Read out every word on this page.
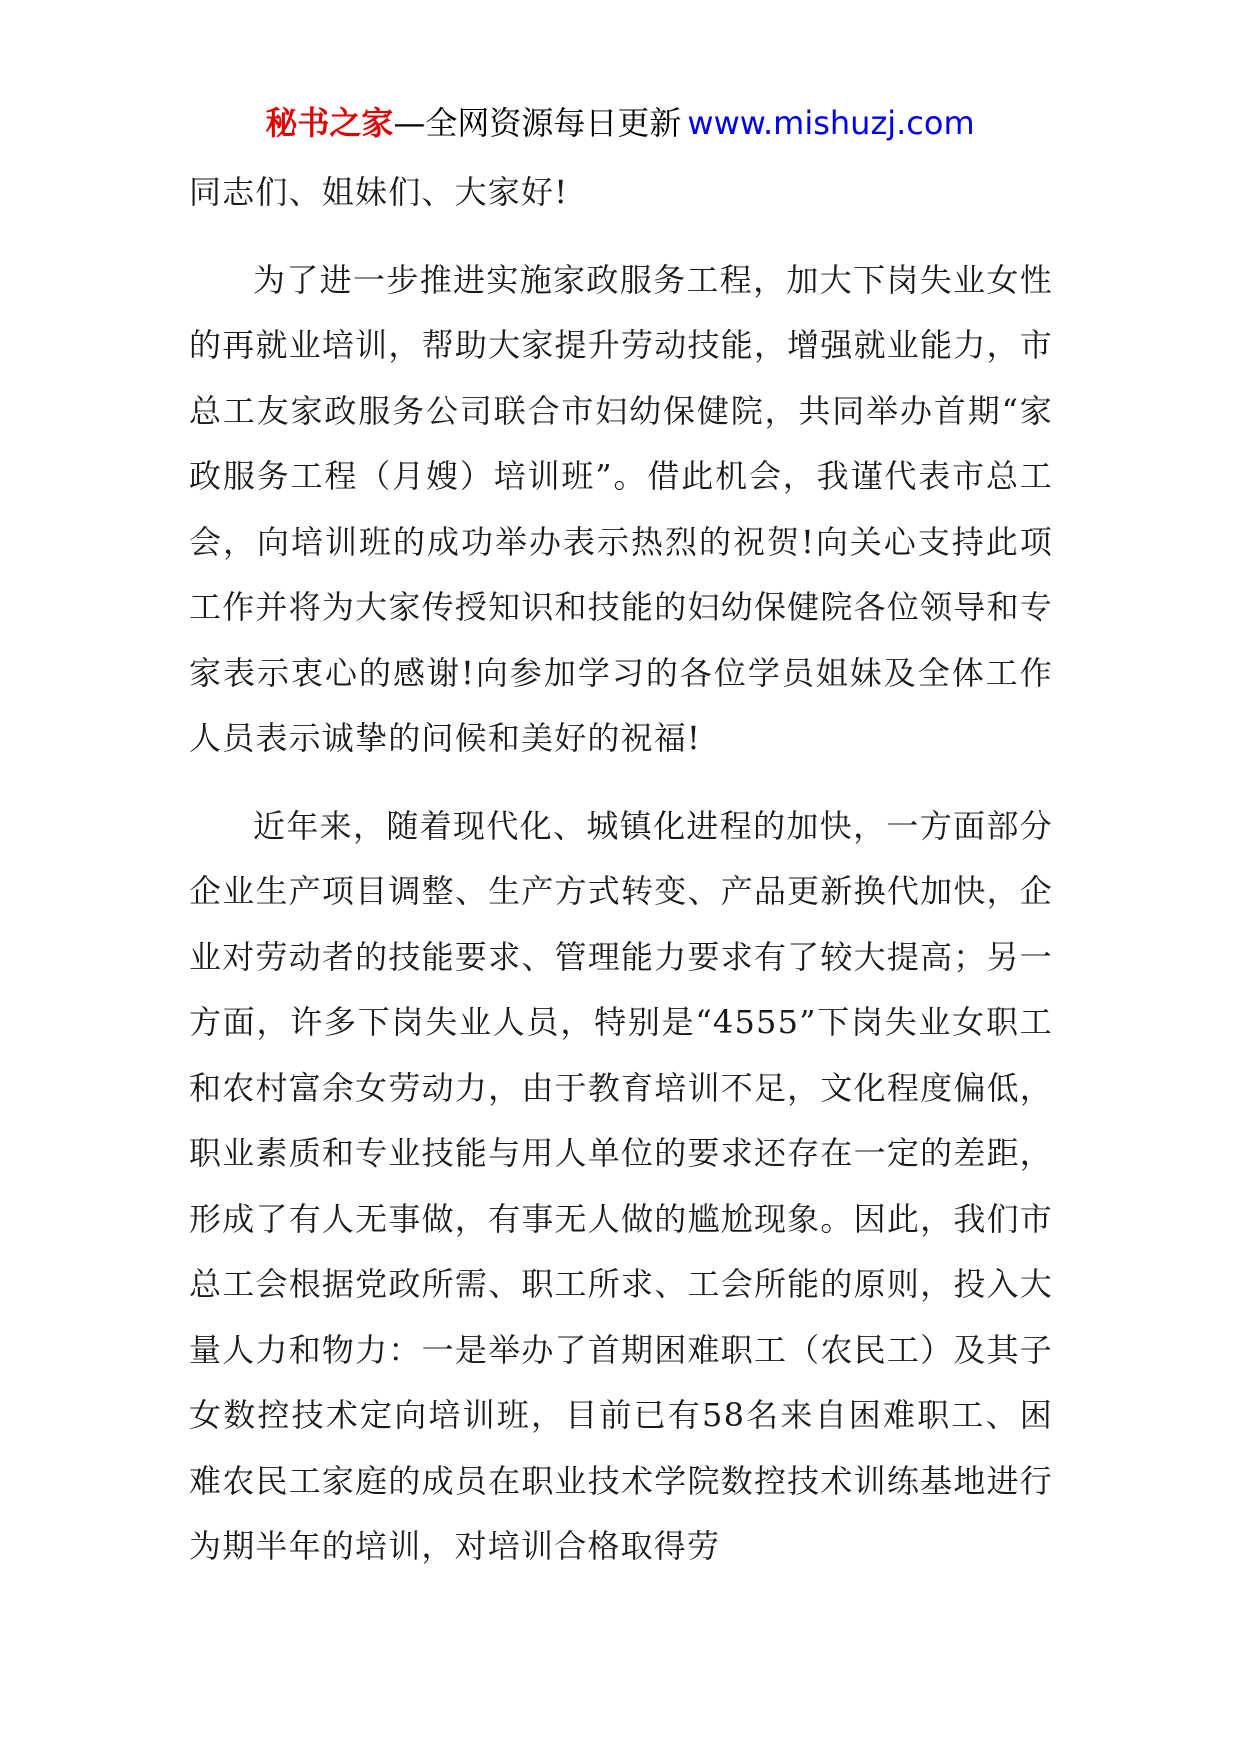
秘书之家—全网资源每日更新 www.mishuzj.com

同志们、姐妹们、大家好!

为了进一步推进实施家政服务工程，加大下岗失业女性的再就业培训，帮助大家提升劳动技能，增强就业能力，市总工友家政服务公司联合市妇幼保健院，共同举办首期“家政服务工程（月嫂）培训班”。借此机会，我谨代表市总工会，向培训班的成功举办表示热烈的祝贺!向关心支持此项工作并将为大家传授知识和技能的妇幼保健院各位领导和专家表示衷心的感谢!向参加学习的各位学员姐妹及全体工作人员表示诚挚的问候和美好的祝福!

近年来，随着现代化、城镇化进程的加快，一方面部分企业生产项目调整、生产方式转变、产品更新换代加快，企业对劳动者的技能要求、管理能力要求有了较大提高；另一方面，许多下岗失业人员，特别是“4555”下岗失业女职工和农村富余女劳动力，由于教育培训不足，文化程度偏低，职业素质和专业技能与用人单位的要求还存在一定的差距，形成了有人无事做，有事无人做的尴尬现象。因此，我们市总工会根据党政所需、职工所求、工会所能的原则，投入大量人力和物力：一是举办了首期困难职工（农民工）及其子女数控技术定向培训班，目前已有58名来自困难职工、困难农民工家庭的成员在职业技术学院数控技术训练基地进行为期半年的培训，对培训合格取得劳
